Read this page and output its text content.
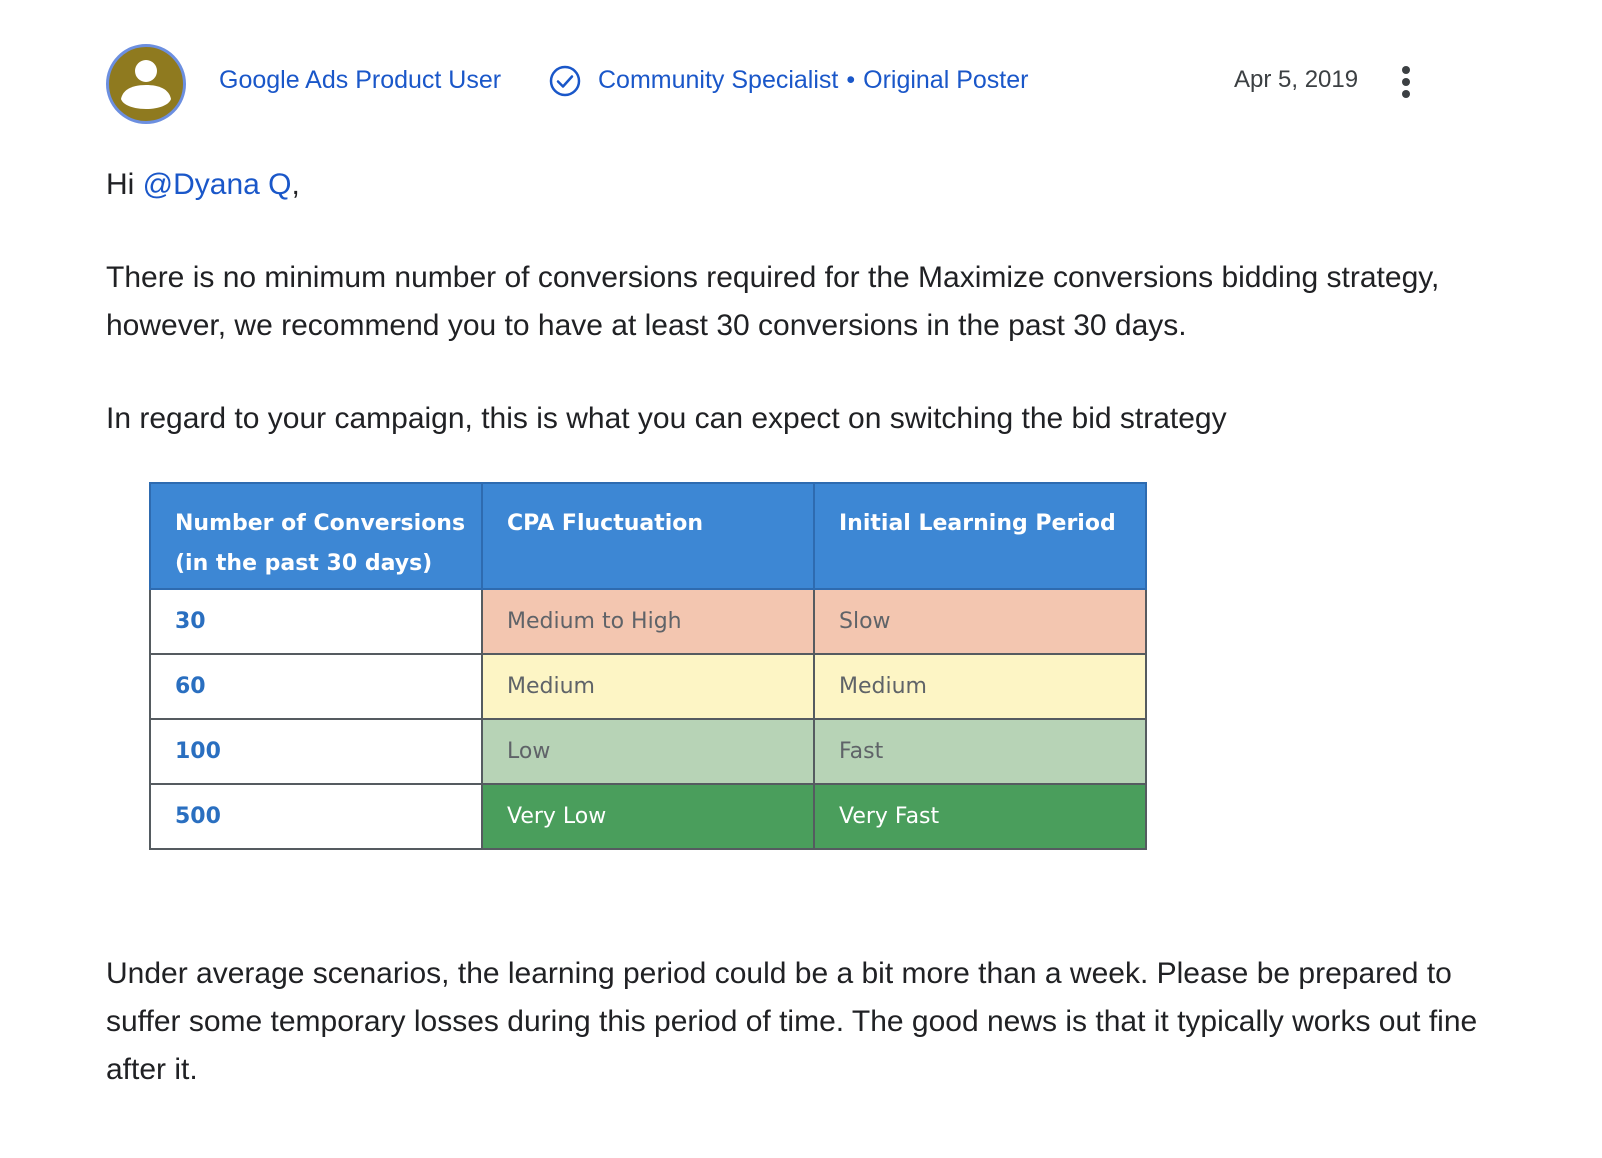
Google Ads Product User	Community Specialist • Original Poster	Apr 5, 2019

Hi @Dyana Q,

There is no minimum number of conversions required for the Maximize conversions bidding strategy, however, we recommend you to have at least 30 conversions in the past 30 days.

In regard to your campaign, this is what you can expect on switching the bid strategy

Number of Conversions
(in the past 30 days)	CPA Fluctuation	Initial Learning Period
30	Medium to High	Slow
60	Medium	Medium
100	Low	Fast
500	Very Low	Very Fast

Under average scenarios, the learning period could be a bit more than a week. Please be prepared to suffer some temporary losses during this period of time. The good news is that it typically works out fine after it.
